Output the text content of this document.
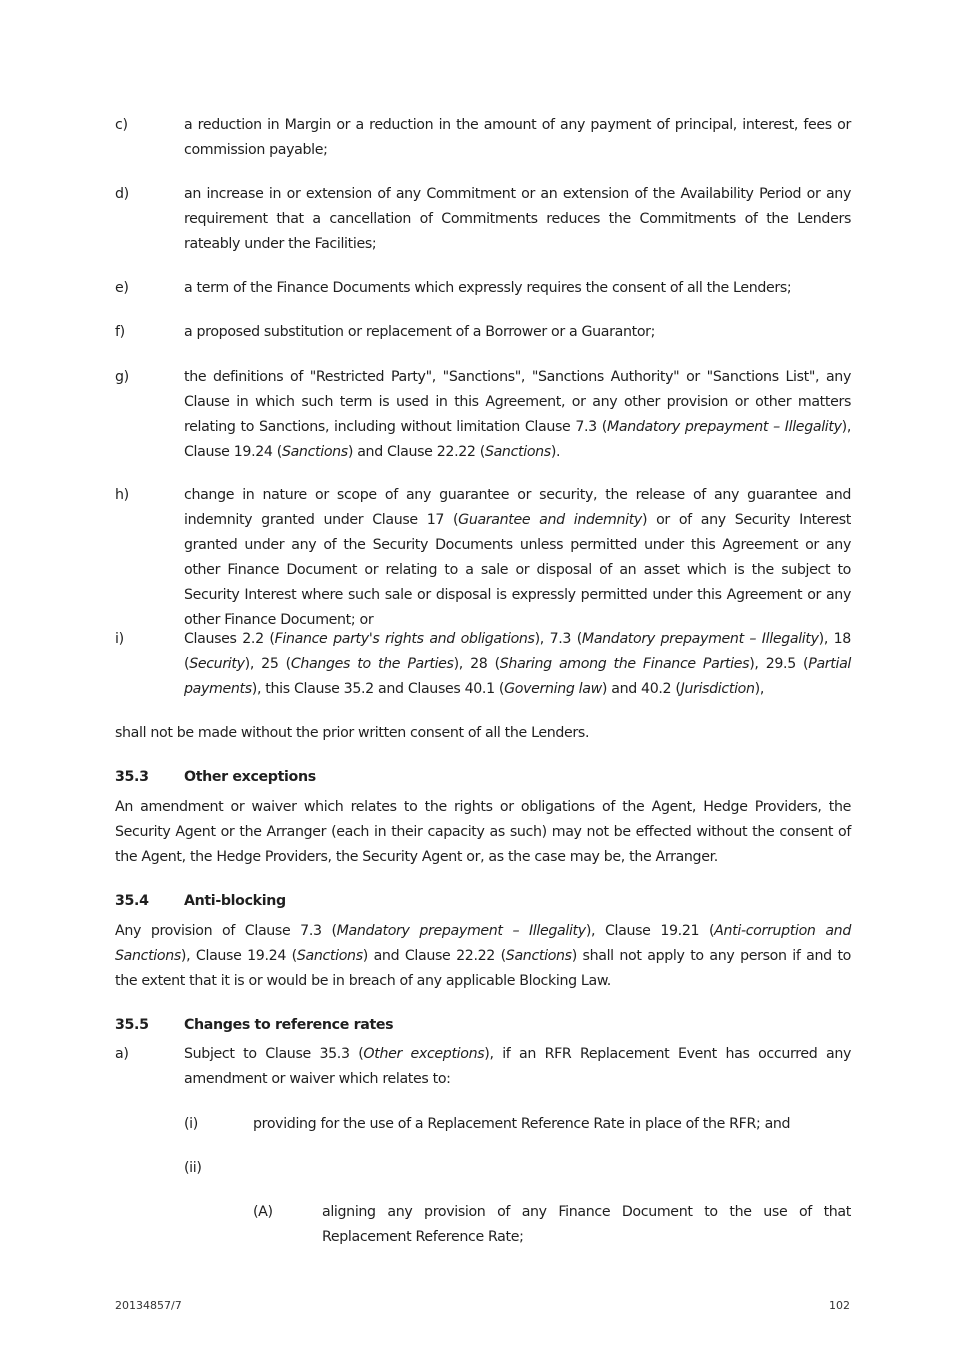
c)	a reduction in Margin or a reduction in the amount of any payment of principal, interest, fees or commission payable;
d)	an increase in or extension of any Commitment or an extension of the Availability Period or any requirement that a cancellation of Commitments reduces the Commitments of the Lenders rateably under the Facilities;
e)	a term of the Finance Documents which expressly requires the consent of all the Lenders;
f)	a proposed substitution or replacement of a Borrower or a Guarantor;
g)	the definitions of "Restricted Party", "Sanctions", "Sanctions Authority" or "Sanctions List", any Clause in which such term is used in this Agreement, or any other provision or other matters relating to Sanctions, including without limitation Clause 7.3 (Mandatory prepayment – Illegality), Clause 19.24 (Sanctions) and Clause 22.22 (Sanctions).
h)	change in nature or scope of any guarantee or security, the release of any guarantee and indemnity granted under Clause 17 (Guarantee and indemnity) or of any Security Interest granted under any of the Security Documents unless permitted under this Agreement or any other Finance Document or relating to a sale or disposal of an asset which is the subject to Security Interest where such sale or disposal is expressly permitted under this Agreement or any other Finance Document; or
i)	Clauses 2.2 (Finance party's rights and obligations), 7.3 (Mandatory prepayment – Illegality), 18 (Security), 25 (Changes to the Parties), 28 (Sharing among the Finance Parties), 29.5 (Partial payments), this Clause 35.2 and Clauses 40.1 (Governing law) and 40.2 (Jurisdiction),
shall not be made without the prior written consent of all the Lenders.
35.3 Other exceptions
An amendment or waiver which relates to the rights or obligations of the Agent, Hedge Providers, the Security Agent or the Arranger (each in their capacity as such) may not be effected without the consent of the Agent, the Hedge Providers, the Security Agent or, as the case may be, the Arranger.
35.4 Anti-blocking
Any provision of Clause 7.3 (Mandatory prepayment – Illegality), Clause 19.21 (Anti-corruption and Sanctions), Clause 19.24 (Sanctions) and Clause 22.22 (Sanctions) shall not apply to any person if and to the extent that it is or would be in breach of any applicable Blocking Law.
35.5 Changes to reference rates
a)	Subject to Clause 35.3 (Other exceptions), if an RFR Replacement Event has occurred any amendment or waiver which relates to:
(i)	providing for the use of a Replacement Reference Rate in place of the RFR; and
(ii)
(A)	aligning any provision of any Finance Document to the use of that Replacement Reference Rate;
20134857/7	102
